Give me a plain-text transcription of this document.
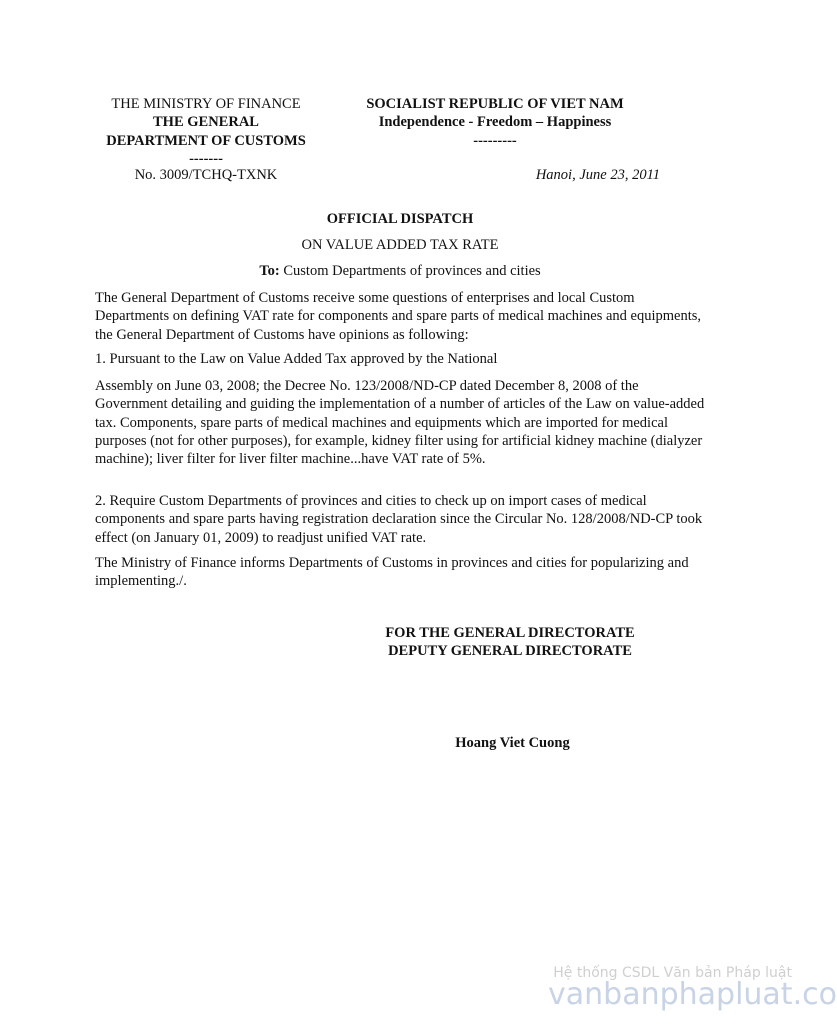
THE MINISTRY OF FINANCE
THE GENERAL
DEPARTMENT OF CUSTOMS
-------
SOCIALIST REPUBLIC OF VIET NAM
Independence - Freedom – Happiness
---------
No. 3009/TCHQ-TXNK	Hanoi, June 23, 2011
OFFICIAL DISPATCH
ON VALUE ADDED TAX RATE
To: Custom Departments of provinces and cities
The General Department of Customs receive some questions of enterprises and local Custom Departments on defining VAT rate for components and spare parts of medical machines and equipments, the General Department of Customs have opinions as following:
1. Pursuant to the Law on Value Added Tax approved by the National
Assembly on June 03, 2008; the Decree No. 123/2008/ND-CP dated December 8, 2008 of the Government detailing and guiding the implementation of a number of articles of the Law on value-added tax. Components, spare parts of medical machines and equipments which are imported for medical purposes (not for other purposes), for example, kidney filter using for artificial kidney machine (dialyzer machine); liver filter for liver filter machine...have VAT rate of 5%.
2. Require Custom Departments of provinces and cities to check up on import cases of medical components and spare parts having registration declaration since the Circular No. 128/2008/ND-CP took effect (on January 01, 2009) to readjust unified VAT rate.
The Ministry of Finance informs Departments of Customs in provinces and cities for popularizing and implementing./.
FOR THE GENERAL DIRECTORATE
DEPUTY GENERAL DIRECTORATE
Hoang Viet Cuong
Hệ thống CSDL Văn bản Pháp luật
vanbanphapluat.co
